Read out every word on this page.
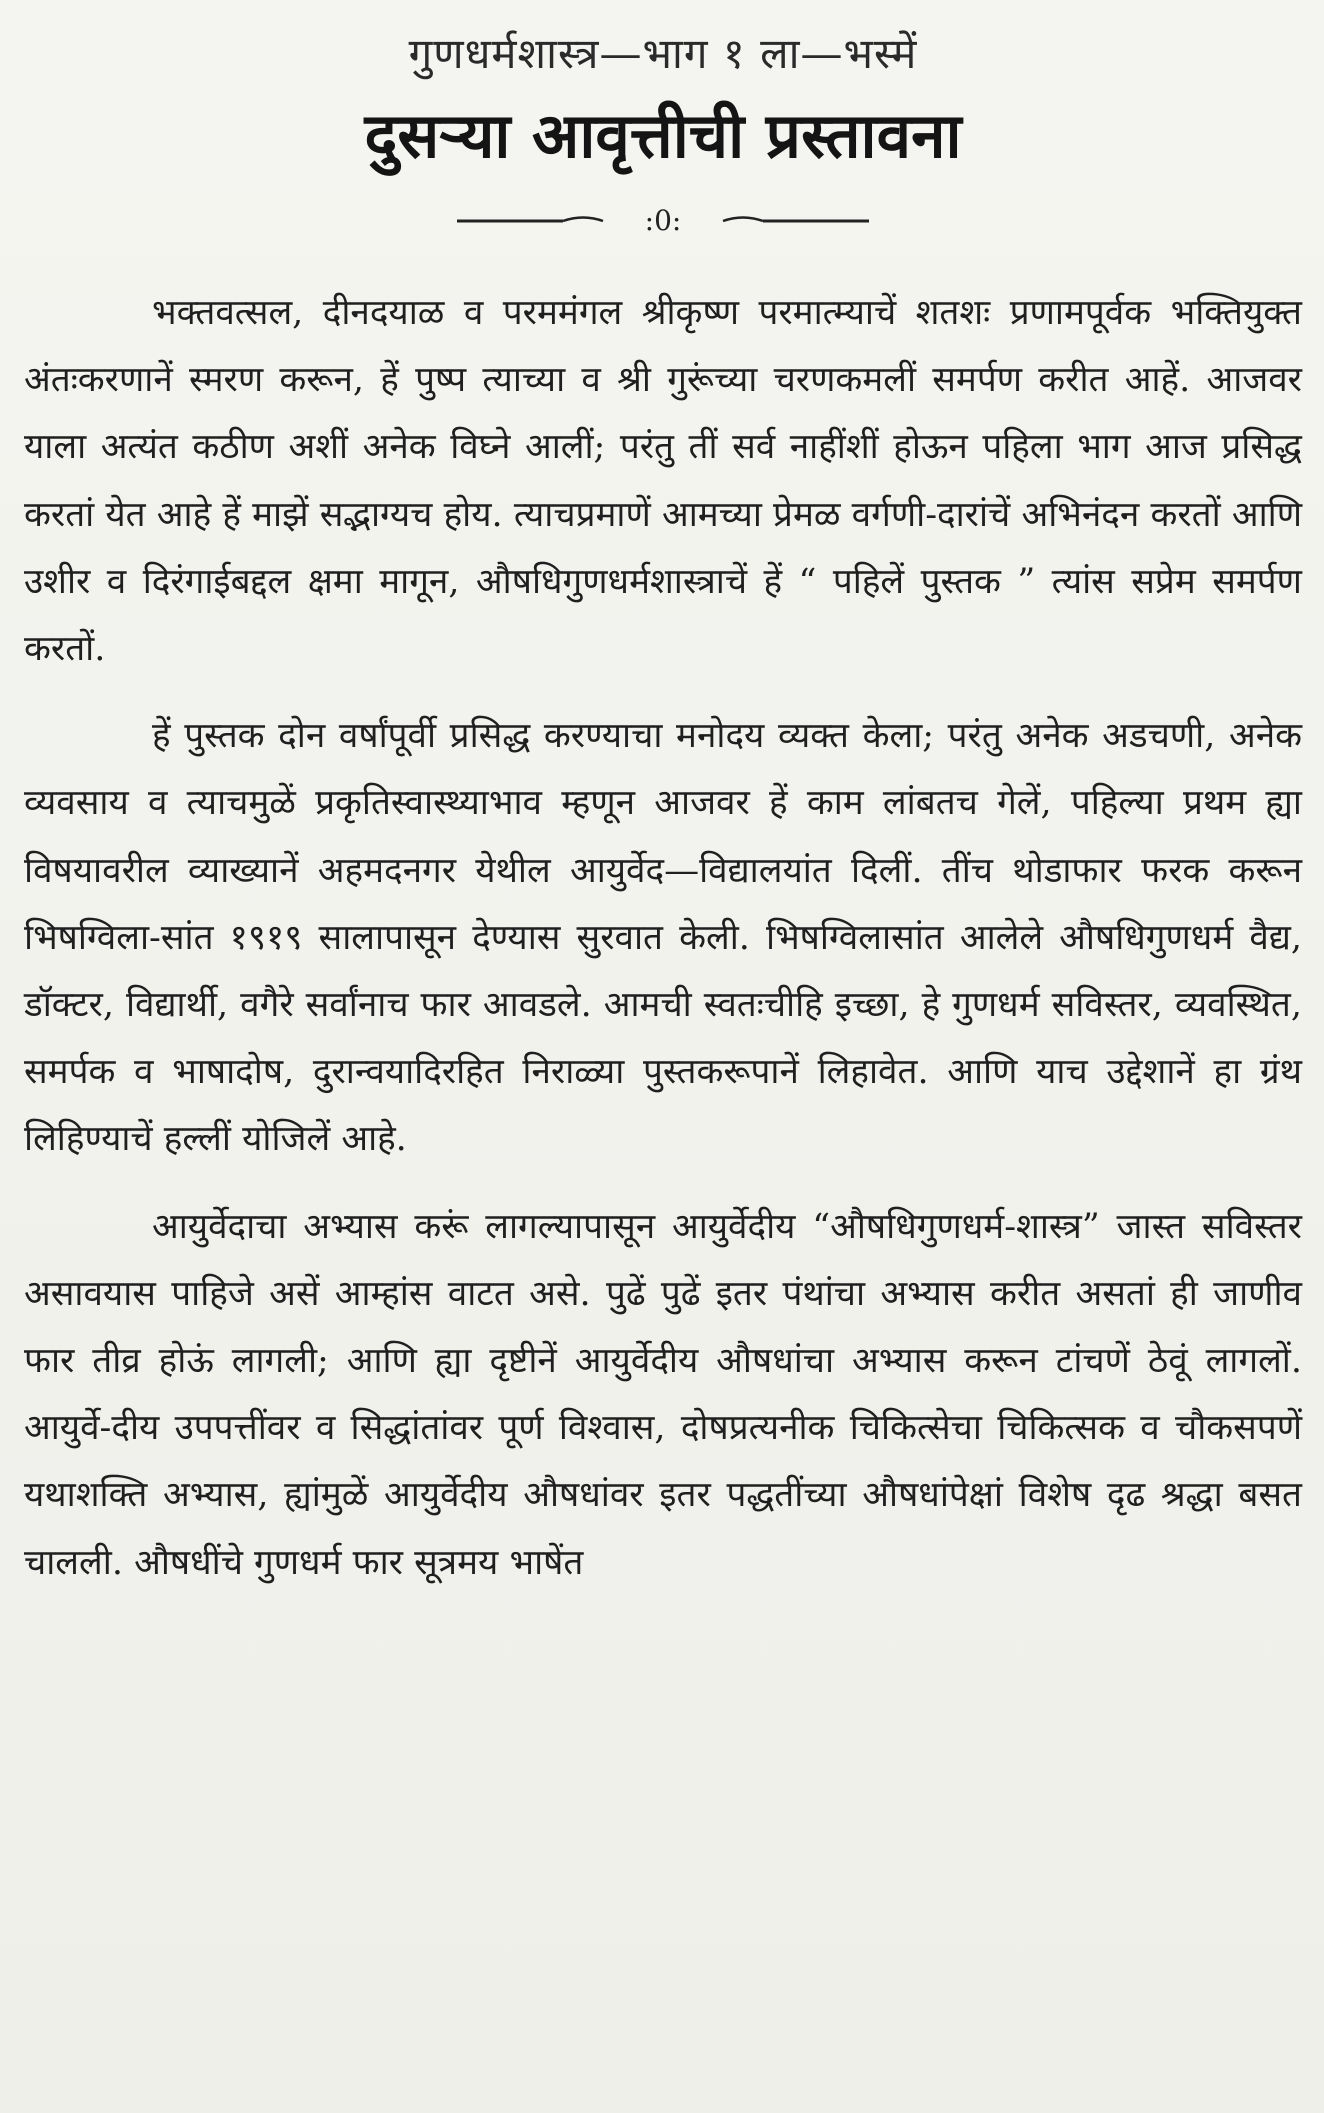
गुणधर्मशास्त्र—भाग १ ला—भस्में
दुसऱ्या आवृत्तीची प्रस्तावना
:0:

भक्तवत्सल, दीनदयाळ व परममंगल श्रीकृष्ण परमात्म्याचें शतशः प्रणामपूर्वक भक्तियुक्त अंतःकरणानें स्मरण करून, हें पुष्प त्याच्या व श्री गुरूंच्या चरणकमलीं समर्पण करीत आहें. आजवर याला अत्यंत कठीण अशीं अनेक विघ्ने आलीं; परंतु तीं सर्व नाहींशीं होऊन पहिला भाग आज प्रसिद्ध करतां येत आहे हें माझें सद्भाग्यच होय. त्याचप्रमाणें आमच्या प्रेमळ वर्गणी-दारांचें अभिनंदन करतों आणि उशीर व दिरंगाईबद्दल क्षमा मागून, औषधिगुणधर्मशास्त्राचें हें “ पहिलें पुस्तक ” त्यांस सप्रेम समर्पण करतों.

हें पुस्तक दोन वर्षांपूर्वी प्रसिद्ध करण्याचा मनोदय व्यक्त केला; परंतु अनेक अडचणी, अनेक व्यवसाय व त्याचमुळें प्रकृतिस्वास्थ्याभाव म्हणून आजवर हें काम लांबतच गेलें, पहिल्या प्रथम ह्या विषयावरील व्याख्यानें अहमदनगर येथील आयुर्वेद—विद्यालयांत दिलीं. तींच थोडाफार फरक करून भिषग्विला-सांत १९१९ सालापासून देण्यास सुरवात केली. भिषग्विलासांत आलेले औषधिगुणधर्म वैद्य, डॉक्टर, विद्यार्थी, वगैरे सर्वांनाच फार आवडले. आमची स्वतःचीहि इच्छा, हे गुणधर्म सविस्तर, व्यवस्थित, समर्पक व भाषादोष, दुरान्वयादिरहित निराळ्या पुस्तकरूपानें लिहावेत. आणि याच उद्देशानें हा ग्रंथ लिहिण्याचें हल्लीं योजिलें आहे.

आयुर्वेदाचा अभ्यास करूं लागल्यापासून आयुर्वेदीय “औषधिगुणधर्म-शास्त्र” जास्त सविस्तर असावयास पाहिजे असें आम्हांस वाटत असे. पुढें पुढें इतर पंथांचा अभ्यास करीत असतां ही जाणीव फार तीव्र होऊं लागली; आणि ह्या दृष्टीनें आयुर्वेदीय औषधांचा अभ्यास करून टांचणें ठेवूं लागलों. आयुर्वे-दीय उपपत्तींवर व सिद्धांतांवर पूर्ण विश्वास, दोषप्रत्यनीक चिकित्सेचा चिकित्सक व चौकसपणें यथाशक्ति अभ्यास, ह्यांमुळें आयुर्वेदीय औषधांवर इतर पद्धतींच्या औषधांपेक्षां विशेष दृढ श्रद्धा बसत चालली. औषधींचे गुणधर्म फार सूत्रमय भाषेंत
